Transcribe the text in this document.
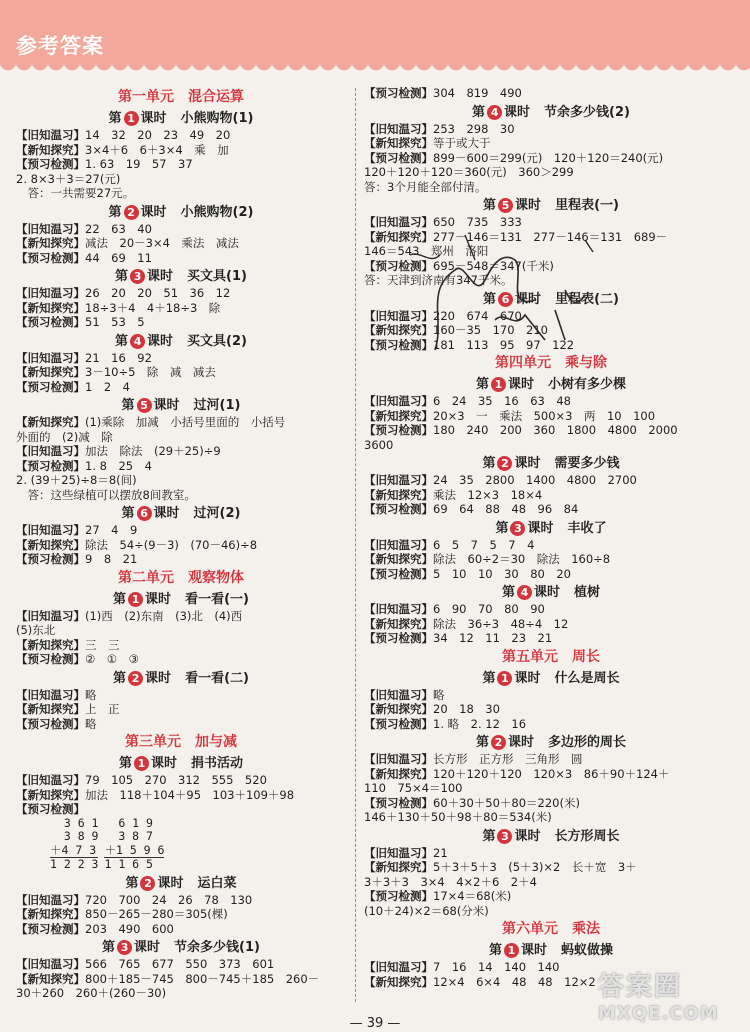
参考答案
第一单元　混合运算
第 1 课时 小熊购物(1)
【旧知温习】14　32　20　23　49　20
【新知探究】3×4＋6　6＋3×4　乘　加
【预习检测】1. 63　19　57　37
2. 8×3＋3＝27(元)
　答：一共需要27元。
第 2 课时 小熊购物(2)
【旧知温习】22　63　40
【新知探究】减法　20－3×4　乘法　减法
【预习检测】44　69　11
第 3 课时 买文具(1)
【旧知温习】26　20　20　51　36　12
【新知探究】18÷3＋4　4＋18÷3　除
【预习检测】51　53　5
第 4 课时 买文具(2)
【旧知温习】21　16　92
【新知探究】3－10÷5　除　减　减去
【预习检测】1　2　4
第 5 课时 过河(1)
【新知探究】(1)乘除　加减　小括号里面的　小括号
外面的　(2)减　除
【旧知温习】加法　除法　(29＋25)÷9
【预习检测】1. 8　25　4
2. (39＋25)÷8＝8(间)
　答：这些绿植可以摆放8间教室。
第 6 课时 过河(2)
【旧知温习】27　4　9
【新知探究】除法　54÷(9－3)　(70－46)÷8
【预习检测】9　8　21
第二单元　观察物体
第 1 课时 看一看(一)
【旧知温习】(1)西　(2)东南　(3)北　(4)西
(5)东北
【新知探究】三　三
【预习检测】②　①　③
第 2 课时 看一看(二)
【旧知温习】略
【新知探究】上　正
【预习检测】略
第三单元　加与减
第 1 课时 捐书活动
【旧知温习】79　105　270　312　555　520
【新知探究】加法　118＋104＋95　103＋109＋98
【预习检测】
3 6 1
3 8 9
＋4 7 3

1 2 2 3
6 1 9
3 8 7
＋1 5 9 6

1 1 6 5
第 2 课时 运白菜
【旧知温习】720　700　24　26　78　130
【新知探究】850－265－280＝305(棵)
【预习检测】203　490　600
第 3 课时 节余多少钱(1)
【旧知温习】566　765　677　550　373　601
【新知探究】800＋185－745　800－745＋185　260－
30＋260　260＋(260－30)
【预习检测】304　819　490
第 4 课时 节余多少钱(2)
【旧知温习】253　298　30
【新知探究】等于或大于
【预习检测】899－600＝299(元)　120＋120＝240(元)
120＋120＋120＝360(元)　360＞299
答：3个月能全部付清。
第 5 课时 里程表(一)
【旧知温习】650　735　333
【新知探究】277－146＝131　277－146＝131　689－
146＝543　郑州　洛阳
【预习检测】695－548＝347(千米)
答：天津到济南有347千米。
第 6 课时 里程表(二)
【旧知温习】220　674　670
【新知探究】160－35　170　210
【预习检测】181　113　95　97　122
第四单元　乘与除
第 1 课时 小树有多少棵
【旧知温习】6　24　35　16　63　48
【新知探究】20×3　一　乘法　500×3　两　10　100
【预习检测】180　240　200　360　1800　4800　2000
3600
第 2 课时 需要多少钱
【旧知温习】24　35　2800　1400　4800　2700
【新知探究】乘法　12×3　18×4
【预习检测】69　64　88　48　96　84
第 3 课时 丰收了
【旧知温习】6　5　7　5　7　4
【新知探究】除法　60÷2＝30　除法　160÷8
【预习检测】5　10　10　30　80　20
第 4 课时 植树
【旧知温习】6　90　70　80　90
【新知探究】除法　36÷3　48÷4　12
【预习检测】34　12　11　23　21
第五单元　周长
第 1 课时 什么是周长
【旧知温习】略
【新知探究】20　18　30
【预习检测】1. 略　2. 12　16
第 2 课时 多边形的周长
【旧知温习】长方形　正方形　三角形　圆
【新知探究】120＋120＋120　120×3　86＋90＋124＋
110　75×4＝100
【预习检测】60＋30＋50＋80＝220(米)
146＋130＋50＋98＋80＝534(米)
第 3 课时 长方形周长
【旧知温习】21
【新知探究】5＋3＋5＋3　(5＋3)×2　长＋宽　3＋
3＋3＋3　3×4　4×2＋6　2＋4
【预习检测】17×4＝68(米)
(10＋24)×2＝68(分米)
第六单元　乘法
第 1 课时 蚂蚁做操
【旧知温习】7　16　14　140　140
【新知探究】12×4　6×4　48　48　12×2
— 39 —
答案圈
MXQE.COM
